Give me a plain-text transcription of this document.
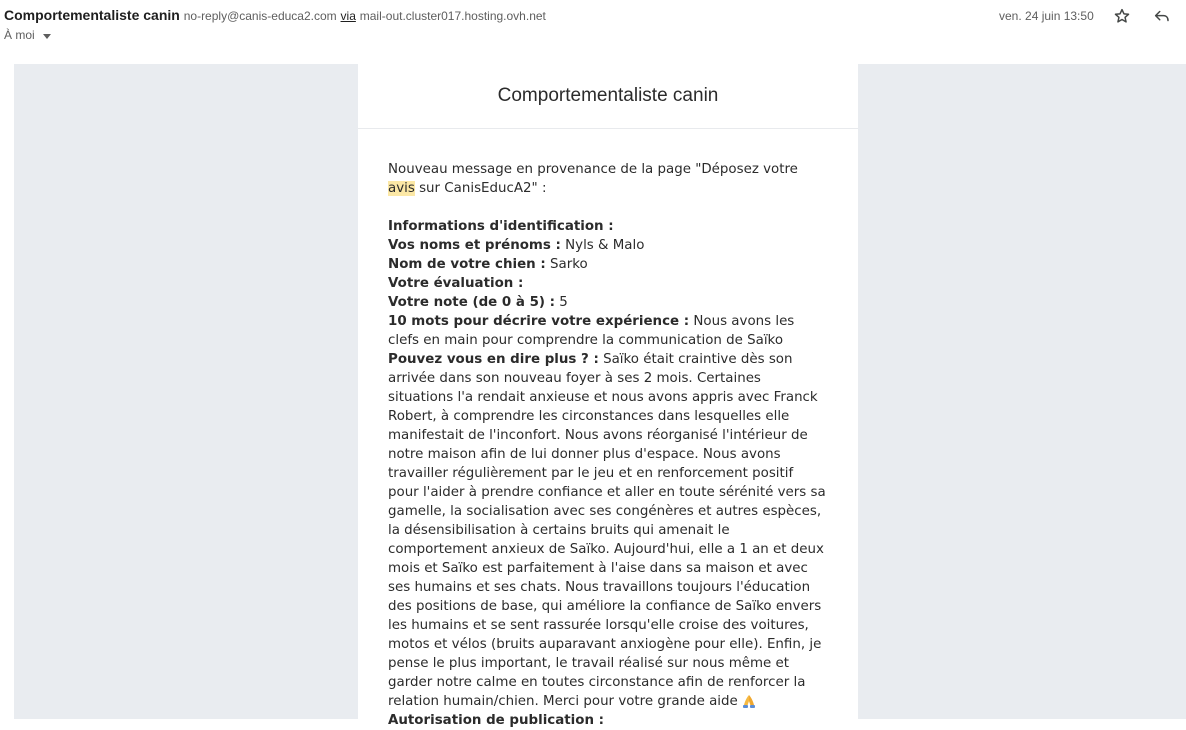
Comportementaliste canin no-reply@canis-educa2.com via mail-out.cluster017.hosting.ovh.net
À moi
ven. 24 juin 13:50
Comportementaliste canin

Nouveau message en provenance de la page "Déposez votre avis sur CanisEducA2" :

Informations d'identification :

Vos noms et prénoms : Nyls & Malo

Nom de votre chien : Sarko

Votre évaluation :

Votre note (de 0 à 5) : 5

10 mots pour décrire votre expérience : Nous avons les clefs en main pour comprendre la communication de Saïko

Pouvez vous en dire plus ? : Saïko était craintive dès son arrivée dans son nouveau foyer à ses 2 mois. Certaines situations l'a rendait anxieuse et nous avons appris avec Franck Robert, à comprendre les circonstances dans lesquelles elle manifestait de l'inconfort. Nous avons réorganisé l'intérieur de notre maison afin de lui donner plus d'espace. Nous avons travailler régulièrement par le jeu et en renforcement positif pour l'aider à prendre confiance et aller en toute sérénité vers sa gamelle, la socialisation avec ses congénères et autres espèces, la désensibilisation à certains bruits qui amenait le comportement anxieux de Saïko. Aujourd'hui, elle a 1 an et deux mois et Saïko est parfaitement à l'aise dans sa maison et avec ses humains et ses chats. Nous travaillons toujours l'éducation des positions de base, qui améliore la confiance de Saïko envers les humains et se sent rassurée lorsqu'elle croise des voitures, motos et vélos (bruits auparavant anxiogène pour elle). Enfin, je pense le plus important, le travail réalisé sur nous même et garder notre calme en toutes circonstance afin de renforcer la relation humain/chien. Merci pour votre grande aide

Autorisation de publication :
